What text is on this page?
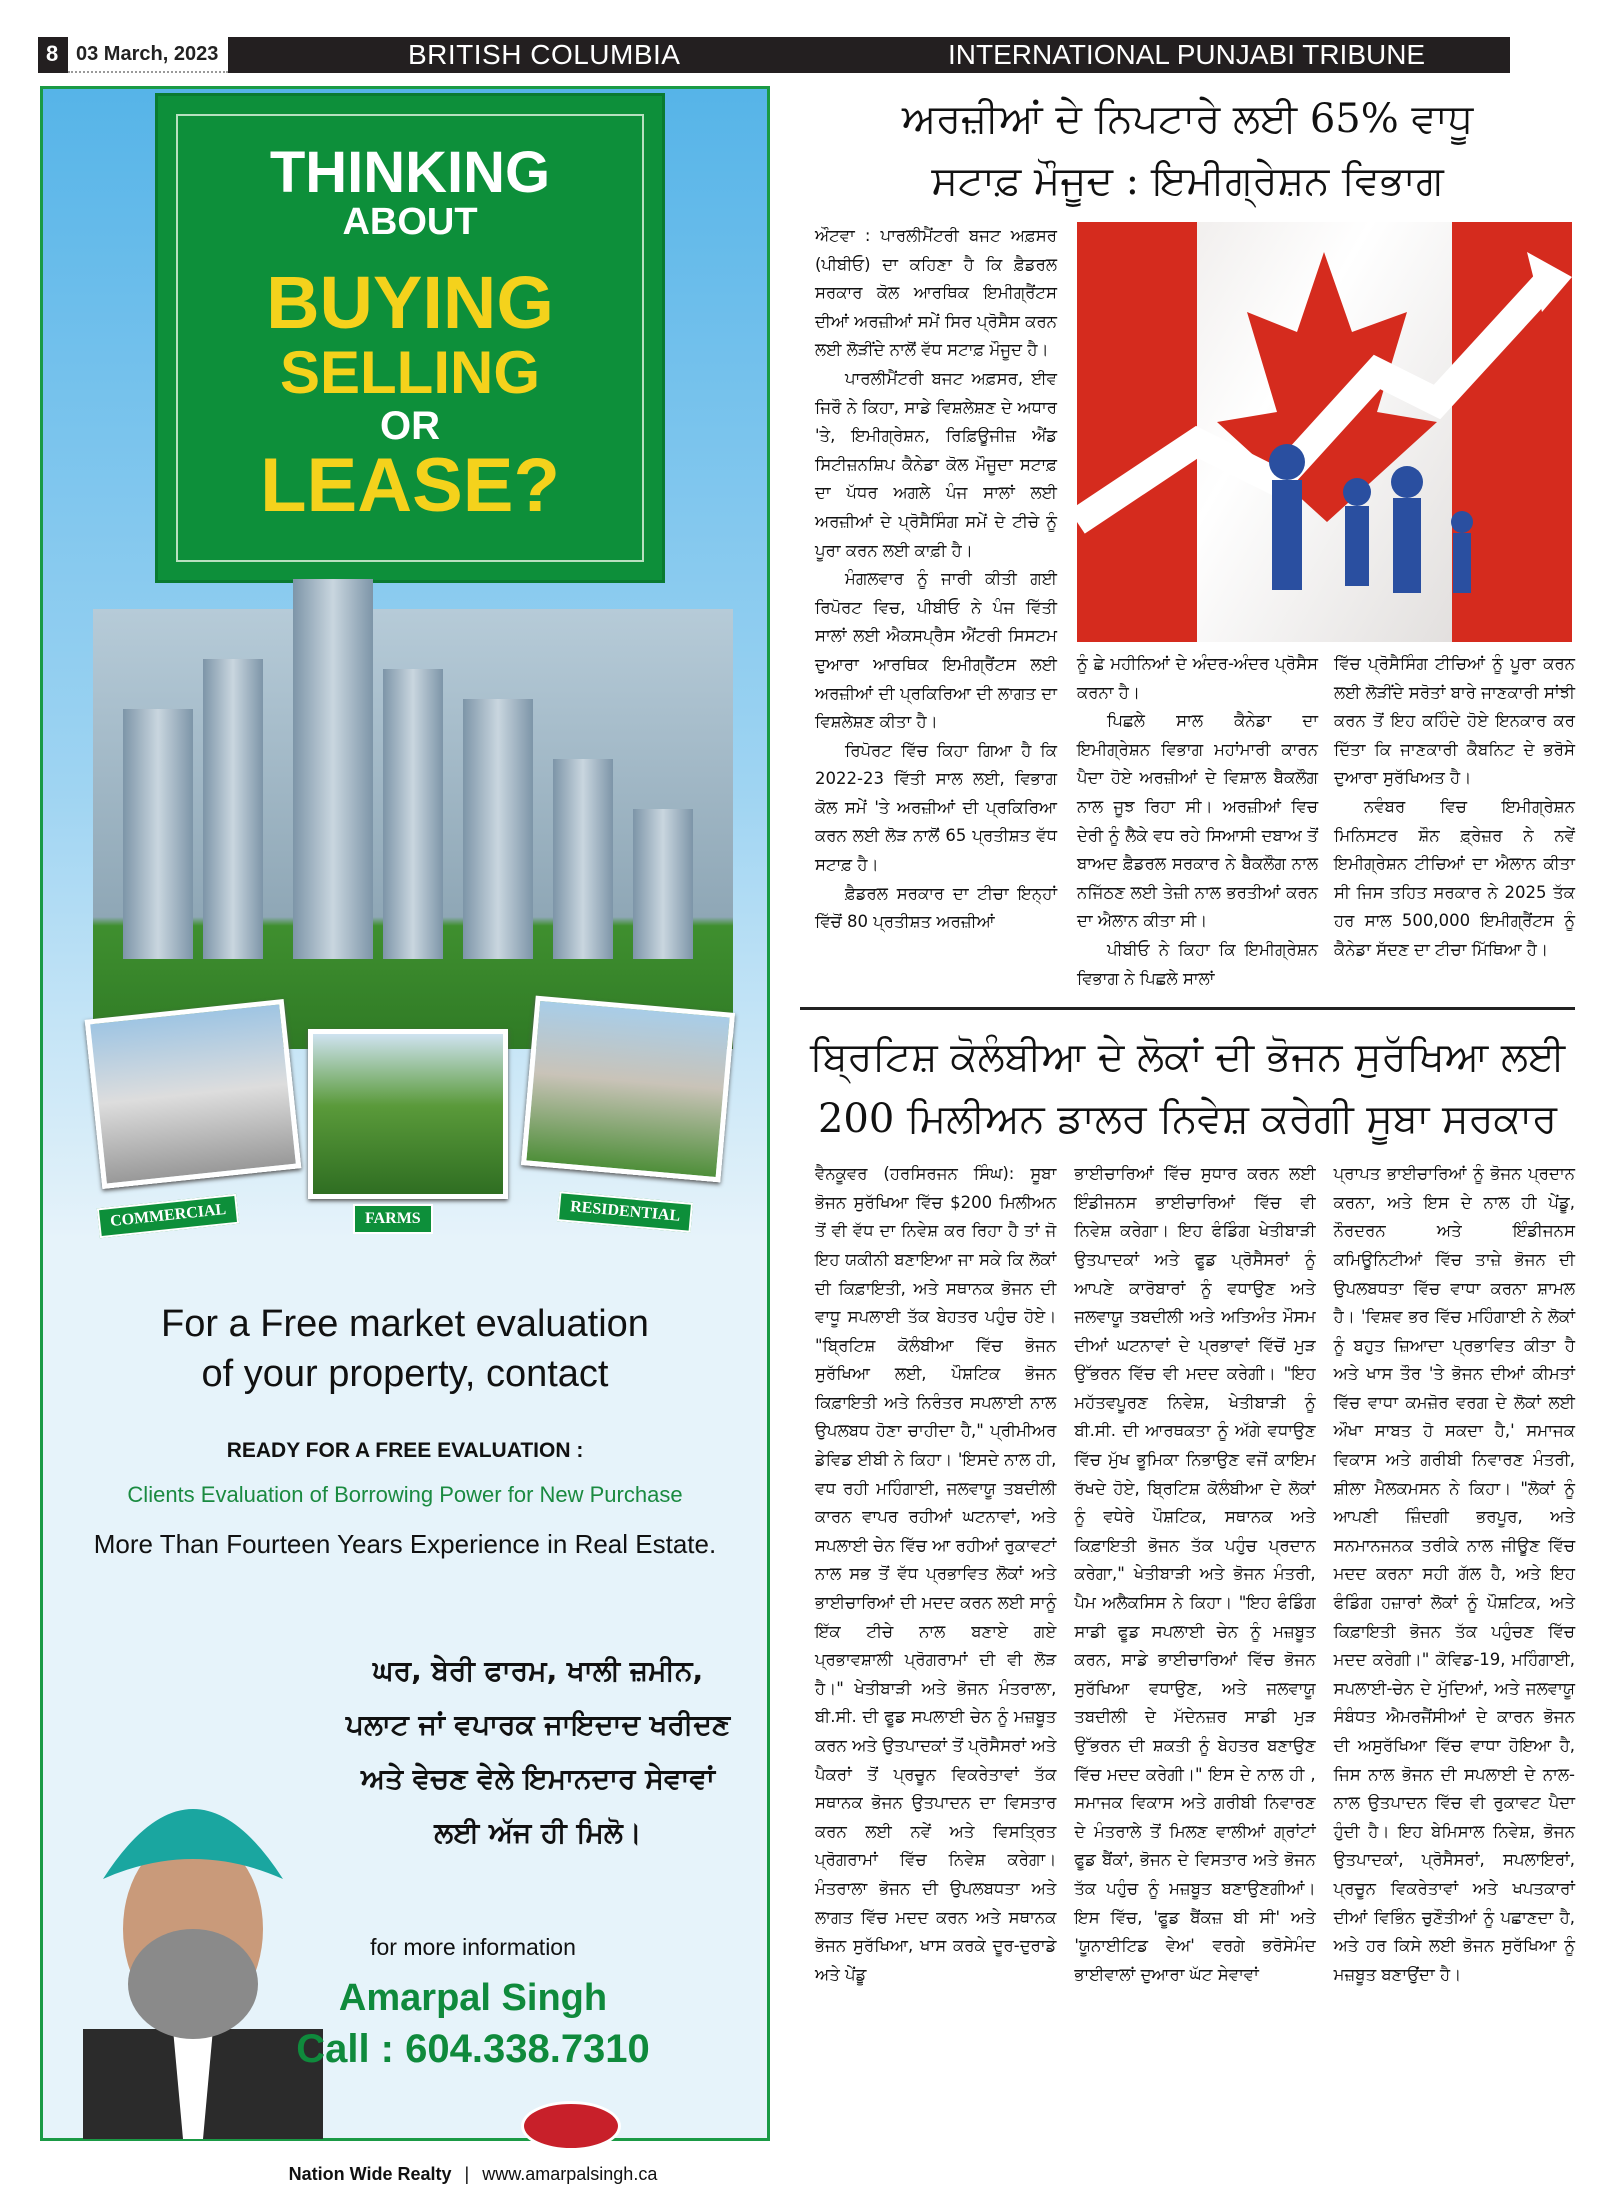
8 03 March, 2023	BRITISH COLUMBIA	INTERNATIONAL PUNJABI TRIBUNE
THINKING
ABOUT
BUYING
SELLING
OR
LEASE?
COMMERCIAL	FARMS	RESIDENTIAL
For a Free market evaluation
of your property, contact
READY FOR A FREE EVALUATION :
Clients Evaluation of Borrowing Power for New Purchase
More Than Fourteen Years Experience in Real Estate.
ਘਰ, ਬੇਰੀ ਫਾਰਮ, ਖਾਲੀ ਜ਼ਮੀਨ,
ਪਲਾਟ ਜਾਂ ਵਪਾਰਕ ਜਾਇਦਾਦ ਖਰੀਦਣ
ਅਤੇ ਵੇਚਣ ਵੇਲੇ ਇਮਾਨਦਾਰ ਸੇਵਾਵਾਂ
ਲਈ ਅੱਜ ਹੀ ਮਿਲੋ।
for more information
Amarpal Singh
Call : 604.338.7310
Nation Wide Realty | www.amarpalsingh.ca
ਅਰਜ਼ੀਆਂ ਦੇ ਨਿਪਟਾਰੇ ਲਈ 65% ਵਾਧੂ
ਸਟਾਫ਼ ਮੌਜੂਦ : ਇਮੀਗ੍ਰੇਸ਼ਨ ਵਿਭਾਗ

ਔਟਵਾ : ਪਾਰਲੀਮੈਂਟਰੀ ਬਜਟ ਅਫ਼ਸਰ (ਪੀਬੀਓ) ਦਾ ਕਹਿਣਾ ਹੈ ਕਿ ਫ਼ੈਡਰਲ ਸਰਕਾਰ ਕੋਲ ਆਰਥਿਕ ਇਮੀਗ੍ਰੈਂਟਸ ਦੀਆਂ ਅਰਜ਼ੀਆਂ ਸਮੇਂ ਸਿਰ ਪ੍ਰੋਸੈਸ ਕਰਨ ਲਈ ਲੋੜੀਂਦੇ ਨਾਲੋਂ ਵੱਧ ਸਟਾਫ਼ ਮੌਜੂਦ ਹੈ।

ਪਾਰਲੀਮੈਂਟਰੀ ਬਜਟ ਅਫ਼ਸਰ, ਈਵ ਜਿਰੌ ਨੇ ਕਿਹਾ, ਸਾਡੇ ਵਿਸ਼ਲੇਸ਼ਣ ਦੇ ਅਧਾਰ 'ਤੇ, ਇਮੀਗ੍ਰੇਸ਼ਨ, ਰਿਫ਼ਿਊਜੀਜ਼ ਐਂਡ ਸਿਟੀਜ਼ਨਸ਼ਿਪ ਕੈਨੇਡਾ ਕੋਲ ਮੌਜੂਦਾ ਸਟਾਫ਼ ਦਾ ਪੱਧਰ ਅਗਲੇ ਪੰਜ ਸਾਲਾਂ ਲਈ ਅਰਜ਼ੀਆਂ ਦੇ ਪ੍ਰੋਸੈਸਿੰਗ ਸਮੇਂ ਦੇ ਟੀਚੇ ਨੂੰ ਪੂਰਾ ਕਰਨ ਲਈ ਕਾਫ਼ੀ ਹੈ।

ਮੰਗਲਵਾਰ ਨੂੰ ਜਾਰੀ ਕੀਤੀ ਗਈ ਰਿਪੋਰਟ ਵਿਚ, ਪੀਬੀਓ ਨੇ ਪੰਜ ਵਿੱਤੀ ਸਾਲਾਂ ਲਈ ਐਕਸਪ੍ਰੈਸ ਐਂਟਰੀ ਸਿਸਟਮ ਦੁਆਰਾ ਆਰਥਿਕ ਇਮੀਗ੍ਰੈਂਟਸ ਲਈ ਅਰਜ਼ੀਆਂ ਦੀ ਪ੍ਰਕਿਰਿਆ ਦੀ ਲਾਗਤ ਦਾ ਵਿਸ਼ਲੇਸ਼ਣ ਕੀਤਾ ਹੈ।

ਰਿਪੋਰਟ ਵਿੱਚ ਕਿਹਾ ਗਿਆ ਹੈ ਕਿ 2022-23 ਵਿੱਤੀ ਸਾਲ ਲਈ, ਵਿਭਾਗ ਕੋਲ ਸਮੇਂ 'ਤੇ ਅਰਜ਼ੀਆਂ ਦੀ ਪ੍ਰਕਿਰਿਆ ਕਰਨ ਲਈ ਲੋੜ ਨਾਲੋਂ 65 ਪ੍ਰਤੀਸ਼ਤ ਵੱਧ ਸਟਾਫ਼ ਹੈ।

ਫ਼ੈਡਰਲ ਸਰਕਾਰ ਦਾ ਟੀਚਾ ਇਨ੍ਹਾਂ ਵਿੱਚੋਂ 80 ਪ੍ਰਤੀਸ਼ਤ ਅਰਜ਼ੀਆਂ

ਨੂੰ ਛੇ ਮਹੀਨਿਆਂ ਦੇ ਅੰਦਰ-ਅੰਦਰ ਪ੍ਰੋਸੈਸ ਕਰਨਾ ਹੈ।

ਪਿਛਲੇ ਸਾਲ ਕੈਨੇਡਾ ਦਾ ਇਮੀਗ੍ਰੇਸ਼ਨ ਵਿਭਾਗ ਮਹਾਂਮਾਰੀ ਕਾਰਨ ਪੈਦਾ ਹੋਏ ਅਰਜ਼ੀਆਂ ਦੇ ਵਿਸ਼ਾਲ ਬੈਕਲੌਗ ਨਾਲ ਜੂਝ ਰਿਹਾ ਸੀ। ਅਰਜ਼ੀਆਂ ਵਿਚ ਦੇਰੀ ਨੂੰ ਲੈਕੇ ਵਧ ਰਹੇ ਸਿਆਸੀ ਦਬਾਅ ਤੋਂ ਬਾਅਦ ਫ਼ੈਡਰਲ ਸਰਕਾਰ ਨੇ ਬੈਕਲੌਗ ਨਾਲ ਨਜਿੱਠਣ ਲਈ ਤੇਜ਼ੀ ਨਾਲ ਭਰਤੀਆਂ ਕਰਨ ਦਾ ਐਲਾਨ ਕੀਤਾ ਸੀ।

ਪੀਬੀਓ ਨੇ ਕਿਹਾ ਕਿ ਇਮੀਗ੍ਰੇਸ਼ਨ ਵਿਭਾਗ ਨੇ ਪਿਛਲੇ ਸਾਲਾਂ

ਵਿੱਚ ਪ੍ਰੋਸੈਸਿੰਗ ਟੀਚਿਆਂ ਨੂੰ ਪੂਰਾ ਕਰਨ ਲਈ ਲੋੜੀਂਦੇ ਸਰੋਤਾਂ ਬਾਰੇ ਜਾਣਕਾਰੀ ਸਾਂਝੀ ਕਰਨ ਤੋਂ ਇਹ ਕਹਿੰਦੇ ਹੋਏ ਇਨਕਾਰ ਕਰ ਦਿੱਤਾ ਕਿ ਜਾਣਕਾਰੀ ਕੈਬਨਿਟ ਦੇ ਭਰੋਸੇ ਦੁਆਰਾ ਸੁਰੱਖਿਅਤ ਹੈ।

ਨਵੰਬਰ ਵਿਚ ਇਮੀਗ੍ਰੇਸ਼ਨ ਮਿਨਿਸਟਰ ਸ਼ੌਨ ਫ਼੍ਰੇਜ਼ਰ ਨੇ ਨਵੇਂ ਇਮੀਗ੍ਰੇਸ਼ਨ ਟੀਚਿਆਂ ਦਾ ਐਲਾਨ ਕੀਤਾ ਸੀ ਜਿਸ ਤਹਿਤ ਸਰਕਾਰ ਨੇ 2025 ਤੱਕ ਹਰ ਸਾਲ 500,000 ਇਮੀਗ੍ਰੈਂਟਸ ਨੂੰ ਕੈਨੇਡਾ ਸੱਦਣ ਦਾ ਟੀਚਾ ਮਿੱਥਿਆ ਹੈ।

ਬ੍ਰਿਟਿਸ਼ ਕੋਲੰਬੀਆ ਦੇ ਲੋਕਾਂ ਦੀ ਭੋਜਨ ਸੁਰੱਖਿਆ ਲਈ
200 ਮਿਲੀਅਨ ਡਾਲਰ ਨਿਵੇਸ਼ ਕਰੇਗੀ ਸੂਬਾ ਸਰਕਾਰ

ਵੈਨਕੂਵਰ (ਹਰਸਿਰਜਨ ਸਿੰਘ): ਸੂਬਾ ਭੋਜਨ ਸੁਰੱਖਿਆ ਵਿੱਚ $200 ਮਿਲੀਅਨ ਤੋਂ ਵੀ ਵੱਧ ਦਾ ਨਿਵੇਸ਼ ਕਰ ਰਿਹਾ ਹੈ ਤਾਂ ਜੋ ਇਹ ਯਕੀਨੀ ਬਣਾਇਆ ਜਾ ਸਕੇ ਕਿ ਲੋਕਾਂ ਦੀ ਕਿਫ਼ਾਇਤੀ, ਅਤੇ ਸਥਾਨਕ ਭੋਜਨ ਦੀ ਵਾਧੂ ਸਪਲਾਈ ਤੱਕ ਬੇਹਤਰ ਪਹੁੰਚ ਹੋਏ। "ਬ੍ਰਿਟਿਸ਼ ਕੋਲੰਬੀਆ ਵਿੱਚ ਭੋਜਨ ਸੁਰੱਖਿਆ ਲਈ, ਪੌਸ਼ਟਿਕ ਭੋਜਨ ਕਿਫ਼ਾਇਤੀ ਅਤੇ ਨਿਰੰਤਰ ਸਪਲਾਈ ਨਾਲ ਉਪਲਬਧ ਹੋਣਾ ਚਾਹੀਦਾ ਹੈ," ਪ੍ਰੀਮੀਅਰ ਡੇਵਿਡ ਈਬੀ ਨੇ ਕਿਹਾ। 'ਇਸਦੇ ਨਾਲ ਹੀ, ਵਧ ਰਹੀ ਮਹਿੰਗਾਈ, ਜਲਵਾਯੂ ਤਬਦੀਲੀ ਕਾਰਨ ਵਾਪਰ ਰਹੀਆਂ ਘਟਨਾਵਾਂ, ਅਤੇ ਸਪਲਾਈ ਚੇਨ ਵਿੱਚ ਆ ਰਹੀਆਂ ਰੁਕਾਵਟਾਂ ਨਾਲ ਸਭ ਤੋਂ ਵੱਧ ਪ੍ਰਭਾਵਿਤ ਲੋਕਾਂ ਅਤੇ ਭਾਈਚਾਰਿਆਂ ਦੀ ਮਦਦ ਕਰਨ ਲਈ ਸਾਨੂੰ ਇੱਕ ਟੀਚੇ ਨਾਲ ਬਣਾਏ ਗਏ ਪ੍ਰਭਾਵਸ਼ਾਲੀ ਪ੍ਰੋਗਰਾਮਾਂ ਦੀ ਵੀ ਲੋੜ ਹੈ।" ਖੇਤੀਬਾੜੀ ਅਤੇ ਭੋਜਨ ਮੰਤਰਾਲਾ, ਬੀ.ਸੀ. ਦੀ ਫੂਡ ਸਪਲਾਈ ਚੇਨ ਨੂੰ ਮਜ਼ਬੂਤ ਕਰਨ ਅਤੇ ਉਤਪਾਦਕਾਂ ਤੋਂ ਪ੍ਰੋਸੈਸਰਾਂ ਅਤੇ ਪੈਕਰਾਂ ਤੋਂ ਪ੍ਰਚੂਨ ਵਿਕਰੇਤਾਵਾਂ ਤੱਕ ਸਥਾਨਕ ਭੋਜਨ ਉਤਪਾਦਨ ਦਾ ਵਿਸਤਾਰ ਕਰਨ ਲਈ ਨਵੇਂ ਅਤੇ ਵਿਸਤ੍ਰਿਤ ਪ੍ਰੋਗਰਾਮਾਂ ਵਿੱਚ ਨਿਵੇਸ਼ ਕਰੇਗਾ। ਮੰਤਰਾਲਾ ਭੋਜਨ ਦੀ ਉਪਲਬਧਤਾ ਅਤੇ ਲਾਗਤ ਵਿੱਚ ਮਦਦ ਕਰਨ ਅਤੇ ਸਥਾਨਕ ਭੋਜਨ ਸੁਰੱਖਿਆ, ਖਾਸ ਕਰਕੇ ਦੂਰ-ਦੁਰਾਡੇ ਅਤੇ ਪੇਂਡੂ

ਭਾਈਚਾਰਿਆਂ ਵਿੱਚ ਸੁਧਾਰ ਕਰਨ ਲਈ ਇੰਡੀਜਨਸ ਭਾਈਚਾਰਿਆਂ ਵਿੱਚ ਵੀ ਨਿਵੇਸ਼ ਕਰੇਗਾ। ਇਹ ਫੰਡਿੰਗ ਖੇਤੀਬਾੜੀ ਉਤਪਾਦਕਾਂ ਅਤੇ ਫੂਡ ਪ੍ਰੋਸੈਸਰਾਂ ਨੂੰ ਆਪਣੇ ਕਾਰੋਬਾਰਾਂ ਨੂੰ ਵਧਾਉਣ ਅਤੇ ਜਲਵਾਯੂ ਤਬਦੀਲੀ ਅਤੇ ਅਤਿਅੰਤ ਮੌਸਮ ਦੀਆਂ ਘਟਨਾਵਾਂ ਦੇ ਪ੍ਰਭਾਵਾਂ ਵਿੱਚੋਂ ਮੁੜ ਉੱਭਰਨ ਵਿੱਚ ਵੀ ਮਦਦ ਕਰੇਗੀ। "ਇਹ ਮਹੱਤਵਪੂਰਣ ਨਿਵੇਸ਼, ਖੇਤੀਬਾੜੀ ਨੂੰ ਬੀ.ਸੀ. ਦੀ ਆਰਥਕਤਾ ਨੂੰ ਅੱਗੇ ਵਧਾਉਣ ਵਿੱਚ ਮੁੱਖ ਭੂਮਿਕਾ ਨਿਭਾਉਣ ਵਜੋਂ ਕਾਇਮ ਰੱਖਦੇ ਹੋਏ, ਬ੍ਰਿਟਿਸ਼ ਕੋਲੰਬੀਆ ਦੇ ਲੋਕਾਂ ਨੂੰ ਵਧੇਰੇ ਪੌਸ਼ਟਿਕ, ਸਥਾਨਕ ਅਤੇ ਕਿਫ਼ਾਇਤੀ ਭੋਜਨ ਤੱਕ ਪਹੁੰਚ ਪ੍ਰਦਾਨ ਕਰੇਗਾ," ਖੇਤੀਬਾੜੀ ਅਤੇ ਭੋਜਨ ਮੰਤਰੀ, ਪੈਮ ਅਲੈਕਸਿਸ ਨੇ ਕਿਹਾ। "ਇਹ ਫੰਡਿੰਗ ਸਾਡੀ ਫੂਡ ਸਪਲਾਈ ਚੇਨ ਨੂੰ ਮਜ਼ਬੂਤ ਕਰਨ, ਸਾਡੇ ਭਾਈਚਾਰਿਆਂ ਵਿੱਚ ਭੋਜਨ ਸੁਰੱਖਿਆ ਵਧਾਉਣ, ਅਤੇ ਜਲਵਾਯੂ ਤਬਦੀਲੀ ਦੇ ਮੱਦੇਨਜ਼ਰ ਸਾਡੀ ਮੁੜ ਉੱਭਰਨ ਦੀ ਸ਼ਕਤੀ ਨੂੰ ਬੇਹਤਰ ਬਣਾਉਣ ਵਿੱਚ ਮਦਦ ਕਰੇਗੀ।" ਇਸ ਦੇ ਨਾਲ ਹੀ , ਸਮਾਜਕ ਵਿਕਾਸ ਅਤੇ ਗਰੀਬੀ ਨਿਵਾਰਣ ਦੇ ਮੰਤਰਾਲੇ ਤੋਂ ਮਿਲਣ ਵਾਲੀਆਂ ਗ੍ਰਾਂਟਾਂ ਫੂਡ ਬੈਂਕਾਂ, ਭੋਜਨ ਦੇ ਵਿਸਤਾਰ ਅਤੇ ਭੋਜਨ ਤੱਕ ਪਹੁੰਚ ਨੂੰ ਮਜ਼ਬੂਤ ਬਣਾਉਣਗੀਆਂ। ਇਸ ਵਿੱਚ, 'ਫੂਡ ਬੈਂਕਜ਼ ਬੀ ਸੀ' ਅਤੇ 'ਯੂਨਾਈਟਿਡ ਵੇਅ' ਵਰਗੇ ਭਰੋਸੇਮੰਦ ਭਾਈਵਾਲਾਂ ਦੁਆਰਾ ਘੱਟ ਸੇਵਾਵਾਂ

ਪ੍ਰਾਪਤ ਭਾਈਚਾਰਿਆਂ ਨੂੰ ਭੋਜਨ ਪ੍ਰਦਾਨ ਕਰਨਾ, ਅਤੇ ਇਸ ਦੇ ਨਾਲ ਹੀ ਪੇਂਡੂ, ਨੌਰਦਰਨ ਅਤੇ ਇੰਡੀਜਨਸ ਕਮਿਊਨਿਟੀਆਂ ਵਿੱਚ ਤਾਜ਼ੇ ਭੋਜਨ ਦੀ ਉਪਲਬਧਤਾ ਵਿੱਚ ਵਾਧਾ ਕਰਨਾ ਸ਼ਾਮਲ ਹੈ। 'ਵਿਸ਼ਵ ਭਰ ਵਿੱਚ ਮਹਿੰਗਾਈ ਨੇ ਲੋਕਾਂ ਨੂੰ ਬਹੁਤ ਜ਼ਿਆਦਾ ਪ੍ਰਭਾਵਿਤ ਕੀਤਾ ਹੈ ਅਤੇ ਖਾਸ ਤੌਰ 'ਤੇ ਭੋਜਨ ਦੀਆਂ ਕੀਮਤਾਂ ਵਿੱਚ ਵਾਧਾ ਕਮਜ਼ੋਰ ਵਰਗ ਦੇ ਲੋਕਾਂ ਲਈ ਔਖਾ ਸਾਬਤ ਹੋ ਸਕਦਾ ਹੈ,' ਸਮਾਜਕ ਵਿਕਾਸ ਅਤੇ ਗਰੀਬੀ ਨਿਵਾਰਣ ਮੰਤਰੀ, ਸ਼ੀਲਾ ਮੈਲਕਮਸਨ ਨੇ ਕਿਹਾ। "ਲੋਕਾਂ ਨੂੰ ਆਪਣੀ ਜ਼ਿੰਦਗੀ ਭਰਪੂਰ, ਅਤੇ ਸਨਮਾਨਜਨਕ ਤਰੀਕੇ ਨਾਲ ਜੀਊਣ ਵਿੱਚ ਮਦਦ ਕਰਨਾ ਸਹੀ ਗੱਲ ਹੈ, ਅਤੇ ਇਹ ਫੰਡਿੰਗ ਹਜ਼ਾਰਾਂ ਲੋਕਾਂ ਨੂੰ ਪੌਸ਼ਟਿਕ, ਅਤੇ ਕਿਫ਼ਾਇਤੀ ਭੋਜਨ ਤੱਕ ਪਹੁੰਚਣ ਵਿੱਚ ਮਦਦ ਕਰੇਗੀ।" ਕੋਵਿਡ-19, ਮਹਿੰਗਾਈ, ਸਪਲਾਈ-ਚੇਨ ਦੇ ਮੁੱਦਿਆਂ, ਅਤੇ ਜਲਵਾਯੂ ਸੰਬੰਧਤ ਐਮਰਜੈਂਸੀਆਂ ਦੇ ਕਾਰਨ ਭੋਜਨ ਦੀ ਅਸੁਰੱਖਿਆ ਵਿੱਚ ਵਾਧਾ ਹੋਇਆ ਹੈ, ਜਿਸ ਨਾਲ ਭੋਜਨ ਦੀ ਸਪਲਾਈ ਦੇ ਨਾਲ-ਨਾਲ ਉਤਪਾਦਨ ਵਿੱਚ ਵੀ ਰੁਕਾਵਟ ਪੈਦਾ ਹੁੰਦੀ ਹੈ। ਇਹ ਬੇਮਿਸਾਲ ਨਿਵੇਸ਼, ਭੋਜਨ ਉਤਪਾਦਕਾਂ, ਪ੍ਰੋਸੈਸਰਾਂ, ਸਪਲਾਇਰਾਂ, ਪ੍ਰਚੂਨ ਵਿਕਰੇਤਾਵਾਂ ਅਤੇ ਖਪਤਕਾਰਾਂ ਦੀਆਂ ਵਿਭਿੰਨ ਚੁਣੌਤੀਆਂ ਨੂੰ ਪਛਾਣਦਾ ਹੈ, ਅਤੇ ਹਰ ਕਿਸੇ ਲਈ ਭੋਜਨ ਸੁਰੱਖਿਆ ਨੂੰ ਮਜ਼ਬੂਤ ਬਣਾਉਂਦਾ ਹੈ।
